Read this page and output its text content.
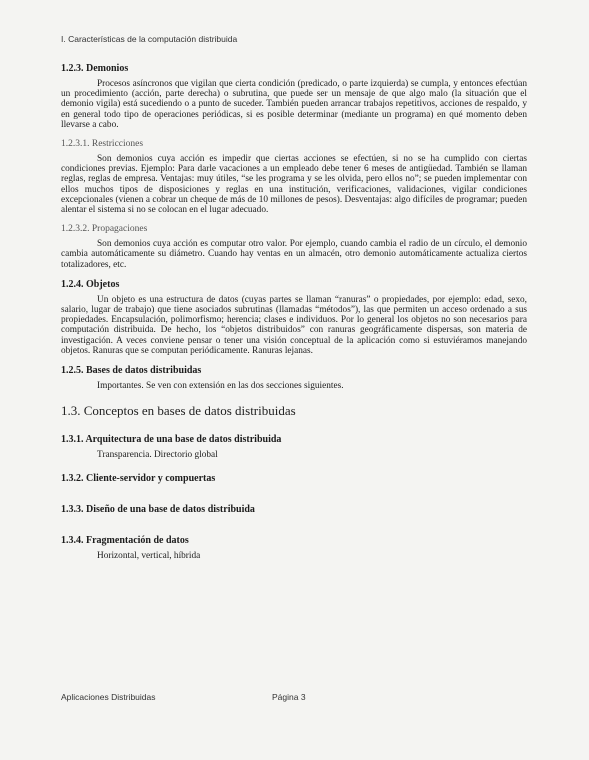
I. Características de la computación distribuida
1.2.3. Demonios

Procesos asíncronos que vigilan que cierta condición (predicado, o parte izquierda) se cumpla, y entonces efectúan un procedimiento (acción, parte derecha) o subrutina, que puede ser un mensaje de que algo malo (la situación que el demonio vigila) está sucediendo o a punto de suceder. También pueden arrancar trabajos repetitivos, acciones de respaldo, y en general todo tipo de operaciones periódicas, si es posible determinar (mediante un programa) en qué momento deben llevarse a cabo.

1.2.3.1. Restricciones

Son demonios cuya acción es impedir que ciertas acciones se efectúen, si no se ha cumplido con ciertas condiciones previas. Ejemplo: Para darle vacaciones a un empleado debe tener 6 meses de antigüedad. También se llaman reglas, reglas de empresa. Ventajas: muy útiles, “se les programa y se les olvida, pero ellos no”; se pueden implementar con ellos muchos tipos de disposiciones y reglas en una institución, verificaciones, validaciones, vigilar condiciones excepcionales (vienen a cobrar un cheque de más de 10 millones de pesos). Desventajas: algo difíciles de programar; pueden alentar el sistema si no se colocan en el lugar adecuado.

1.2.3.2. Propagaciones

Son demonios cuya acción es computar otro valor. Por ejemplo, cuando cambia el radio de un círculo, el demonio cambia automáticamente su diámetro. Cuando hay ventas en un almacén, otro demonio automáticamente actualiza ciertos totalizadores, etc.

1.2.4. Objetos

Un objeto es una estructura de datos (cuyas partes se llaman “ranuras” o propiedades, por ejemplo: edad, sexo, salario, lugar de trabajo) que tiene asociados subrutinas (llamadas “métodos”), las que permiten un acceso ordenado a sus propiedades. Encapsulación, polimorfismo; herencia; clases e individuos. Por lo general los objetos no son necesarios para computación distribuida. De hecho, los “objetos distribuidos” con ranuras geográficamente dispersas, son materia de investigación. A veces conviene pensar o tener una visión conceptual de la aplicación como si estuviéramos manejando objetos. Ranuras que se computan periódicamente. Ranuras lejanas.

1.2.5. Bases de datos distribuidas

Importantes. Se ven con extensión en las dos secciones siguientes.

1.3. Conceptos en bases de datos distribuidas
1.3.1. Arquitectura de una base de datos distribuida

Transparencia. Directorio global

1.3.2. Cliente-servidor y compuertas
1.3.3. Diseño de una base de datos distribuida
1.3.4. Fragmentación de datos

Horizontal, vertical, híbrida

Aplicaciones Distribuidas	Página 3
